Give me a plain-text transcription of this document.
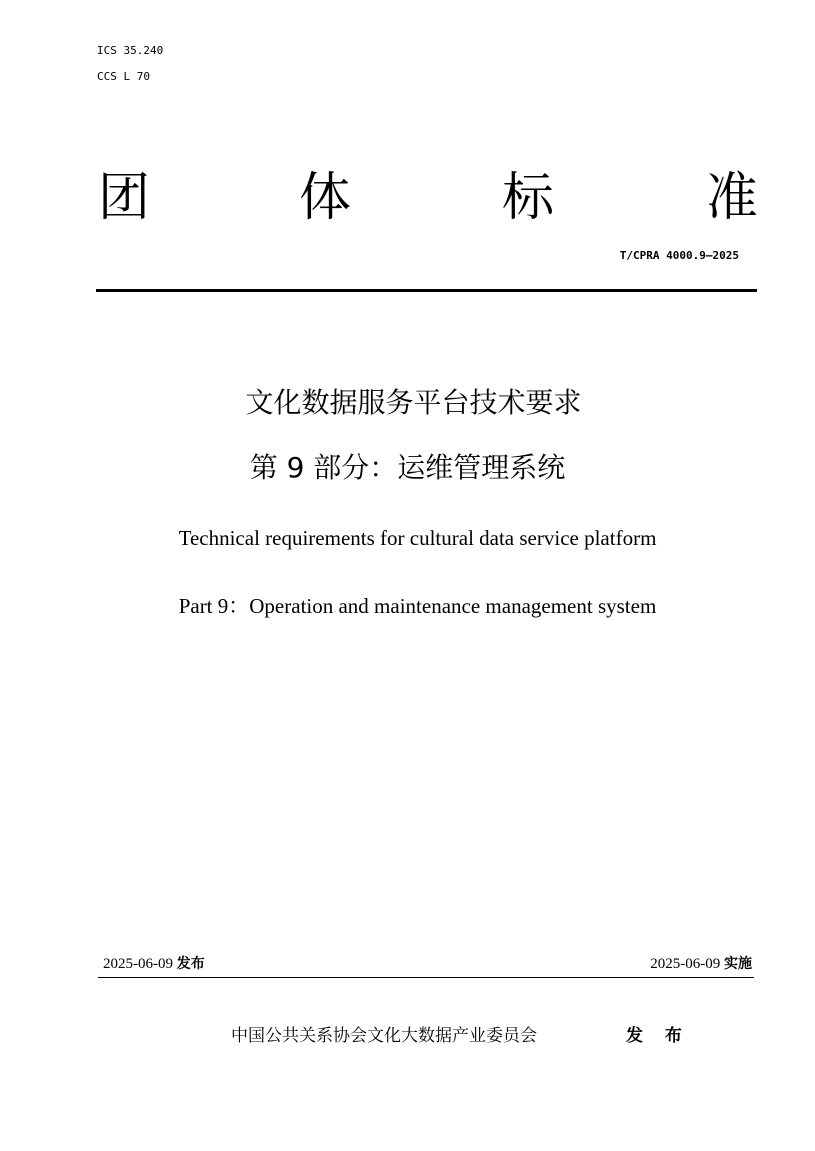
ICS 35.240
CCS L 70
团	体	标	准
T/CPRA 4000.9—2025
文化数据服务平台技术要求
第 9 部分：运维管理系统
Technical requirements for cultural data service platform
Part 9：Operation and maintenance management system
2025-06-09 发布	2025-06-09 实施
中国公共关系协会文化大数据产业委员会	发 布
